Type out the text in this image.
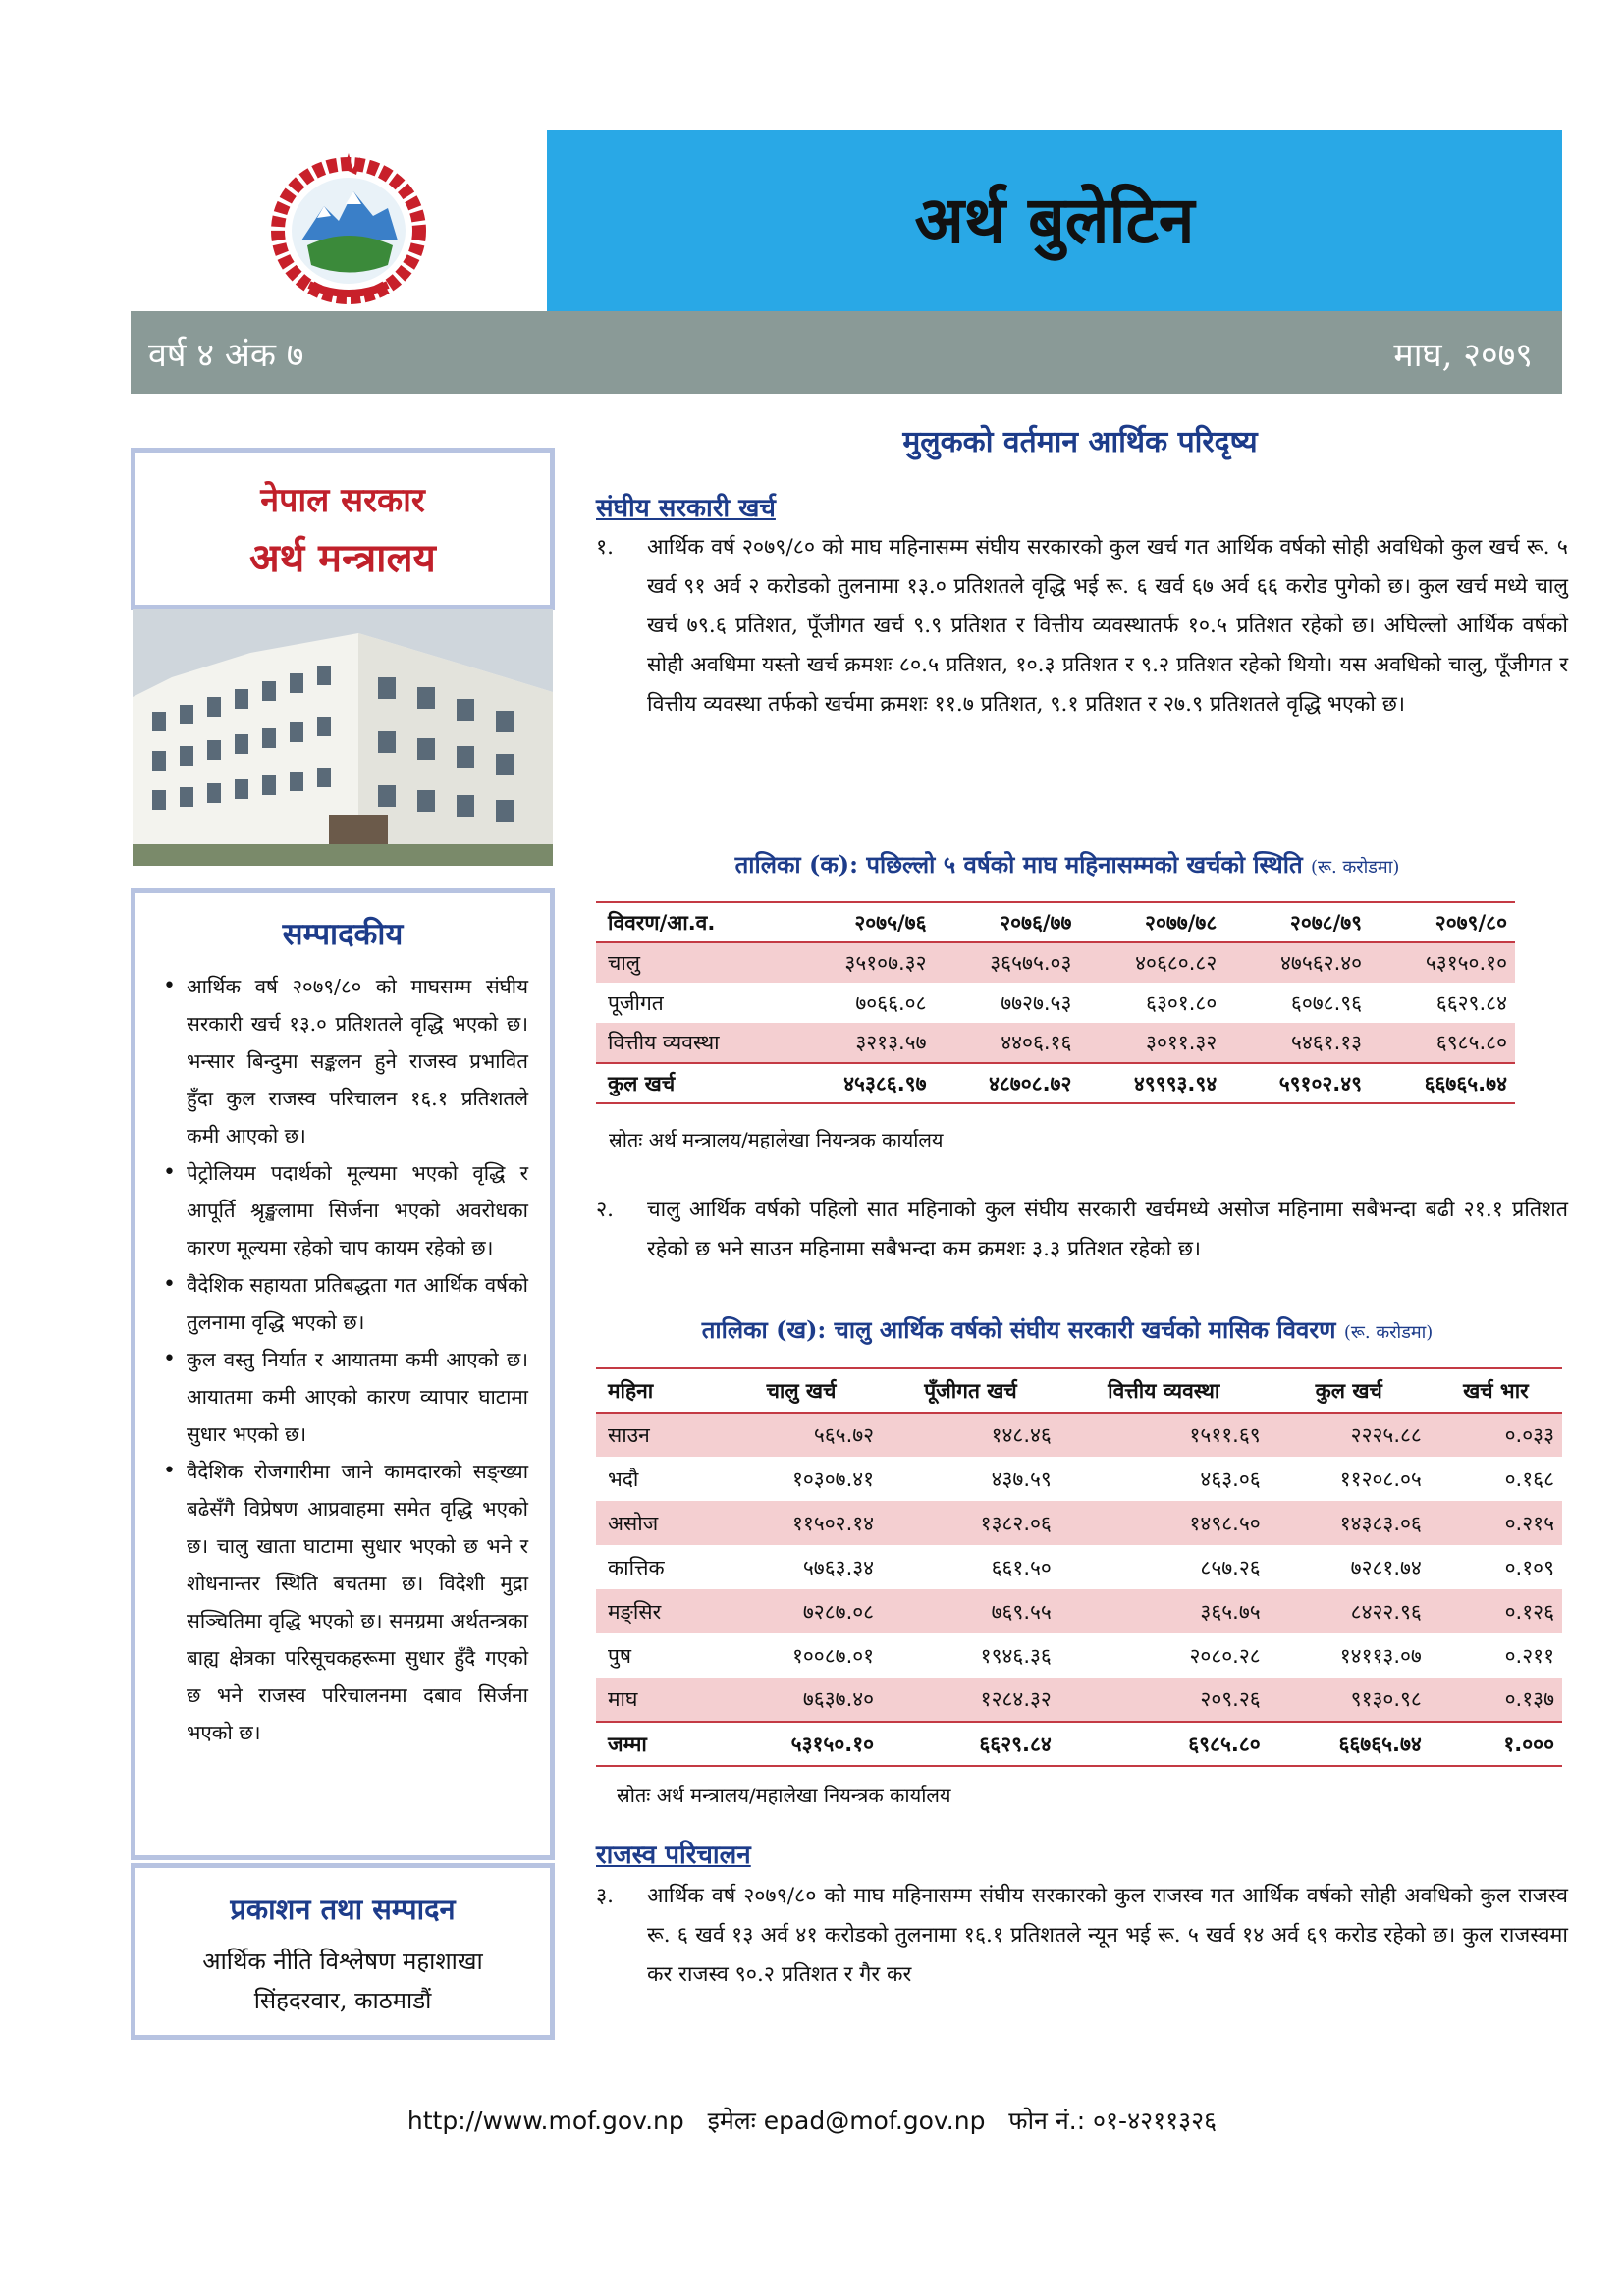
अर्थ बुलेटिन
वर्ष ४ अंक ७	माघ, २०७९
नेपाल सरकार
अर्थ मन्त्रालय
सम्पादकीय
• आर्थिक वर्ष २०७९/८० को माघसम्म संघीय सरकारी खर्च १३.० प्रतिशतले वृद्धि भएको छ। भन्सार बिन्दुमा सङ्कलन हुने राजस्व प्रभावित हुँदा कुल राजस्व परिचालन १६.१ प्रतिशतले कमी आएको छ।
• पेट्रोलियम पदार्थको मूल्यमा भएको वृद्धि र आपूर्ति श्रृङ्खलामा सिर्जना भएको अवरोधका कारण मूल्यमा रहेको चाप कायम रहेको छ।
• वैदेशिक सहायता प्रतिबद्धता गत आर्थिक वर्षको तुलनामा वृद्धि भएको छ।
• कुल वस्तु निर्यात र आयातमा कमी आएको छ। आयातमा कमी आएको कारण व्यापार घाटामा सुधार भएको छ।
• वैदेशिक रोजगारीमा जाने कामदारको सङ्ख्या बढेसँगै विप्रेषण आप्रवाहमा समेत वृद्धि भएको छ। चालु खाता घाटामा सुधार भएको छ भने र शोधनान्तर स्थिति बचतमा छ। विदेशी मुद्रा सञ्चितिमा वृद्धि भएको छ। समग्रमा अर्थतन्त्रका बाह्य क्षेत्रका परिसूचकहरूमा सुधार हुँदै गएको छ भने राजस्व परिचालनमा दबाव सिर्जना भएको छ।
प्रकाशन तथा सम्पादन
आर्थिक नीति विश्लेषण महाशाखा
सिंहदरवार, काठमाडौं
मुलुकको वर्तमान आर्थिक परिदृष्य
संघीय सरकारी खर्च
१. आर्थिक वर्ष २०७९/८० को माघ महिनासम्म संघीय सरकारको कुल खर्च गत आर्थिक वर्षको सोही अवधिको कुल खर्च रू. ५ खर्व ९१ अर्व २ करोडको तुलनामा १३.० प्रतिशतले वृद्धि भई रू. ६ खर्व ६७ अर्व ६६ करोड पुगेको छ। कुल खर्च मध्ये चालु खर्च ७९.६ प्रतिशत, पूँजीगत खर्च ९.९ प्रतिशत र वित्तीय व्यवस्थातर्फ १०.५ प्रतिशत रहेको छ। अघिल्लो आर्थिक वर्षको सोही अवधिमा यस्तो खर्च क्रमशः ८०.५ प्रतिशत, १०.३ प्रतिशत र ९.२ प्रतिशत रहेको थियो। यस अवधिको चालु, पूँजीगत र वित्तीय व्यवस्था तर्फको खर्चमा क्रमशः ११.७ प्रतिशत, ९.१ प्रतिशत र २७.९ प्रतिशतले वृद्धि भएको छ।
तालिका (क): पछिल्लो ५ वर्षको माघ महिनासम्मको खर्चको स्थिति (रू. करोडमा)
विवरण/आ.व.	२०७५/७६	२०७६/७७	२०७७/७८	२०७८/७९	२०७९/८०
चालु	३५१०७.३२	३६५७५.०३	४०६८०.८२	४७५६२.४०	५३१५०.१०
पूजीगत	७०६६.०८	७७२७.५३	६३०१.८०	६०७८.९६	६६२९.८४
वित्तीय व्यवस्था	३२१३.५७	४४०६.१६	३०११.३२	५४६१.१३	६९८५.८०
कुल खर्च	४५३८६.९७	४८७०८.७२	४९९९३.९४	५९१०२.४९	६६७६५.७४
स्रोतः अर्थ मन्त्रालय/महालेखा नियन्त्रक कार्यालय
२. चालु आर्थिक वर्षको पहिलो सात महिनाको कुल संघीय सरकारी खर्चमध्ये असोज महिनामा सबैभन्दा बढी २१.१ प्रतिशत रहेको छ भने साउन महिनामा सबैभन्दा कम क्रमशः ३.३ प्रतिशत रहेको छ।
तालिका (ख): चालु आर्थिक वर्षको संघीय सरकारी खर्चको मासिक विवरण (रू. करोडमा)
महिना	चालु खर्च	पूँजीगत खर्च	वित्तीय व्यवस्था	कुल खर्च	खर्च भार
साउन	५६५.७२	१४८.४६	१५११.६९	२२२५.८८	०.०३३
भदौ	१०३०७.४१	४३७.५९	४६३.०६	११२०८.०५	०.१६८
असोज	११५०२.१४	१३८२.०६	१४९८.५०	१४३८३.०६	०.२१५
कात्तिक	५७६३.३४	६६१.५०	८५७.२६	७२८१.७४	०.१०९
मङ्सिर	७२८७.०८	७६९.५५	३६५.७५	८४२२.९६	०.१२६
पुष	१००८७.०१	१९४६.३६	२०८०.२८	१४११३.०७	०.२११
माघ	७६३७.४०	१२८४.३२	२०९.२६	९१३०.९८	०.१३७
जम्मा	५३१५०.१०	६६२९.८४	६९८५.८०	६६७६५.७४	१.०००
स्रोतः अर्थ मन्त्रालय/महालेखा नियन्त्रक कार्यालय
राजस्व परिचालन
३. आर्थिक वर्ष २०७९/८० को माघ महिनासम्म संघीय सरकारको कुल राजस्व गत आर्थिक वर्षको सोही अवधिको कुल राजस्व रू. ६ खर्व १३ अर्व ४१ करोडको तुलनामा १६.१ प्रतिशतले न्यून भई रू. ५ खर्व १४ अर्व ६९ करोड रहेको छ। कुल राजस्वमा कर राजस्व ९०.२ प्रतिशत र गैर कर
http://www.mof.gov.np इमेलः epad@mof.gov.np फोन नं.: ०१-४२११३२६
